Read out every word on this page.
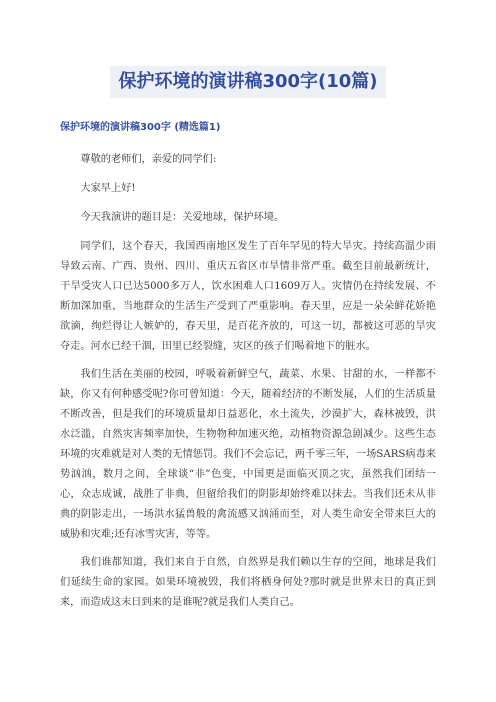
保护环境的演讲稿300字(10篇)
保护环境的演讲稿300字 (精选篇1)

尊敬的老师们，亲爱的同学们:

大家早上好!

今天我演讲的题目是：关爱地球，保护环境。

同学们，这个春天，我国西南地区发生了百年罕见的特大旱灾。持续高温少雨导致云南、广西、贵州、四川、重庆五省区市旱情非常严重。截至目前最新统计，干旱受灾人口已达5000多万人，饮水困难人口1609万人。灾情仍在持续发展、不断加深加重，当地群众的生活生产受到了严重影响。春天里，应是一朵朵鲜花娇艳欲滴，绚烂得让人嫉妒的，春天里，是百花齐放的，可这一切，都被这可恶的旱灾夺走。河水已经干涸，田里已经裂缝，灾区的孩子们喝着地下的脏水。

我们生活在美丽的校园，呼吸着新鲜空气，蔬菜、水果、甘甜的水，一样都不缺，你又有何种感受呢?你可曾知道：今天，随着经济的不断发展，人们的生活质量不断改善，但是我们的环境质量却日益恶化，水土流失，沙漠扩大，森林被毁，洪水泛滥，自然灾害频率加快，生物物种加速灭绝，动植物资源急剧减少。这些生态环境的灾难就是对人类的无情惩罚。我们不会忘记，两千零三年，一场SARS病毒来势汹汹，数月之间，全球谈“非”色变，中国更是面临灭顶之灾，虽然我们团结一心，众志成诚，战胜了非典，但留给我们的阴影却始终难以抹去。当我们还未从非典的阴影走出，一场洪水猛兽般的禽流感又汹涌而至，对人类生命安全带来巨大的威胁和灾难;还有冰雪灾害，等等。

我们谁都知道，我们来自于自然，自然界是我们赖以生存的空间，地球是我们们延续生命的家园。如果环境被毁，我们将栖身何处?那时就是世界末日的真正到来，而造成这末日到来的是谁呢?就是我们人类自己。
